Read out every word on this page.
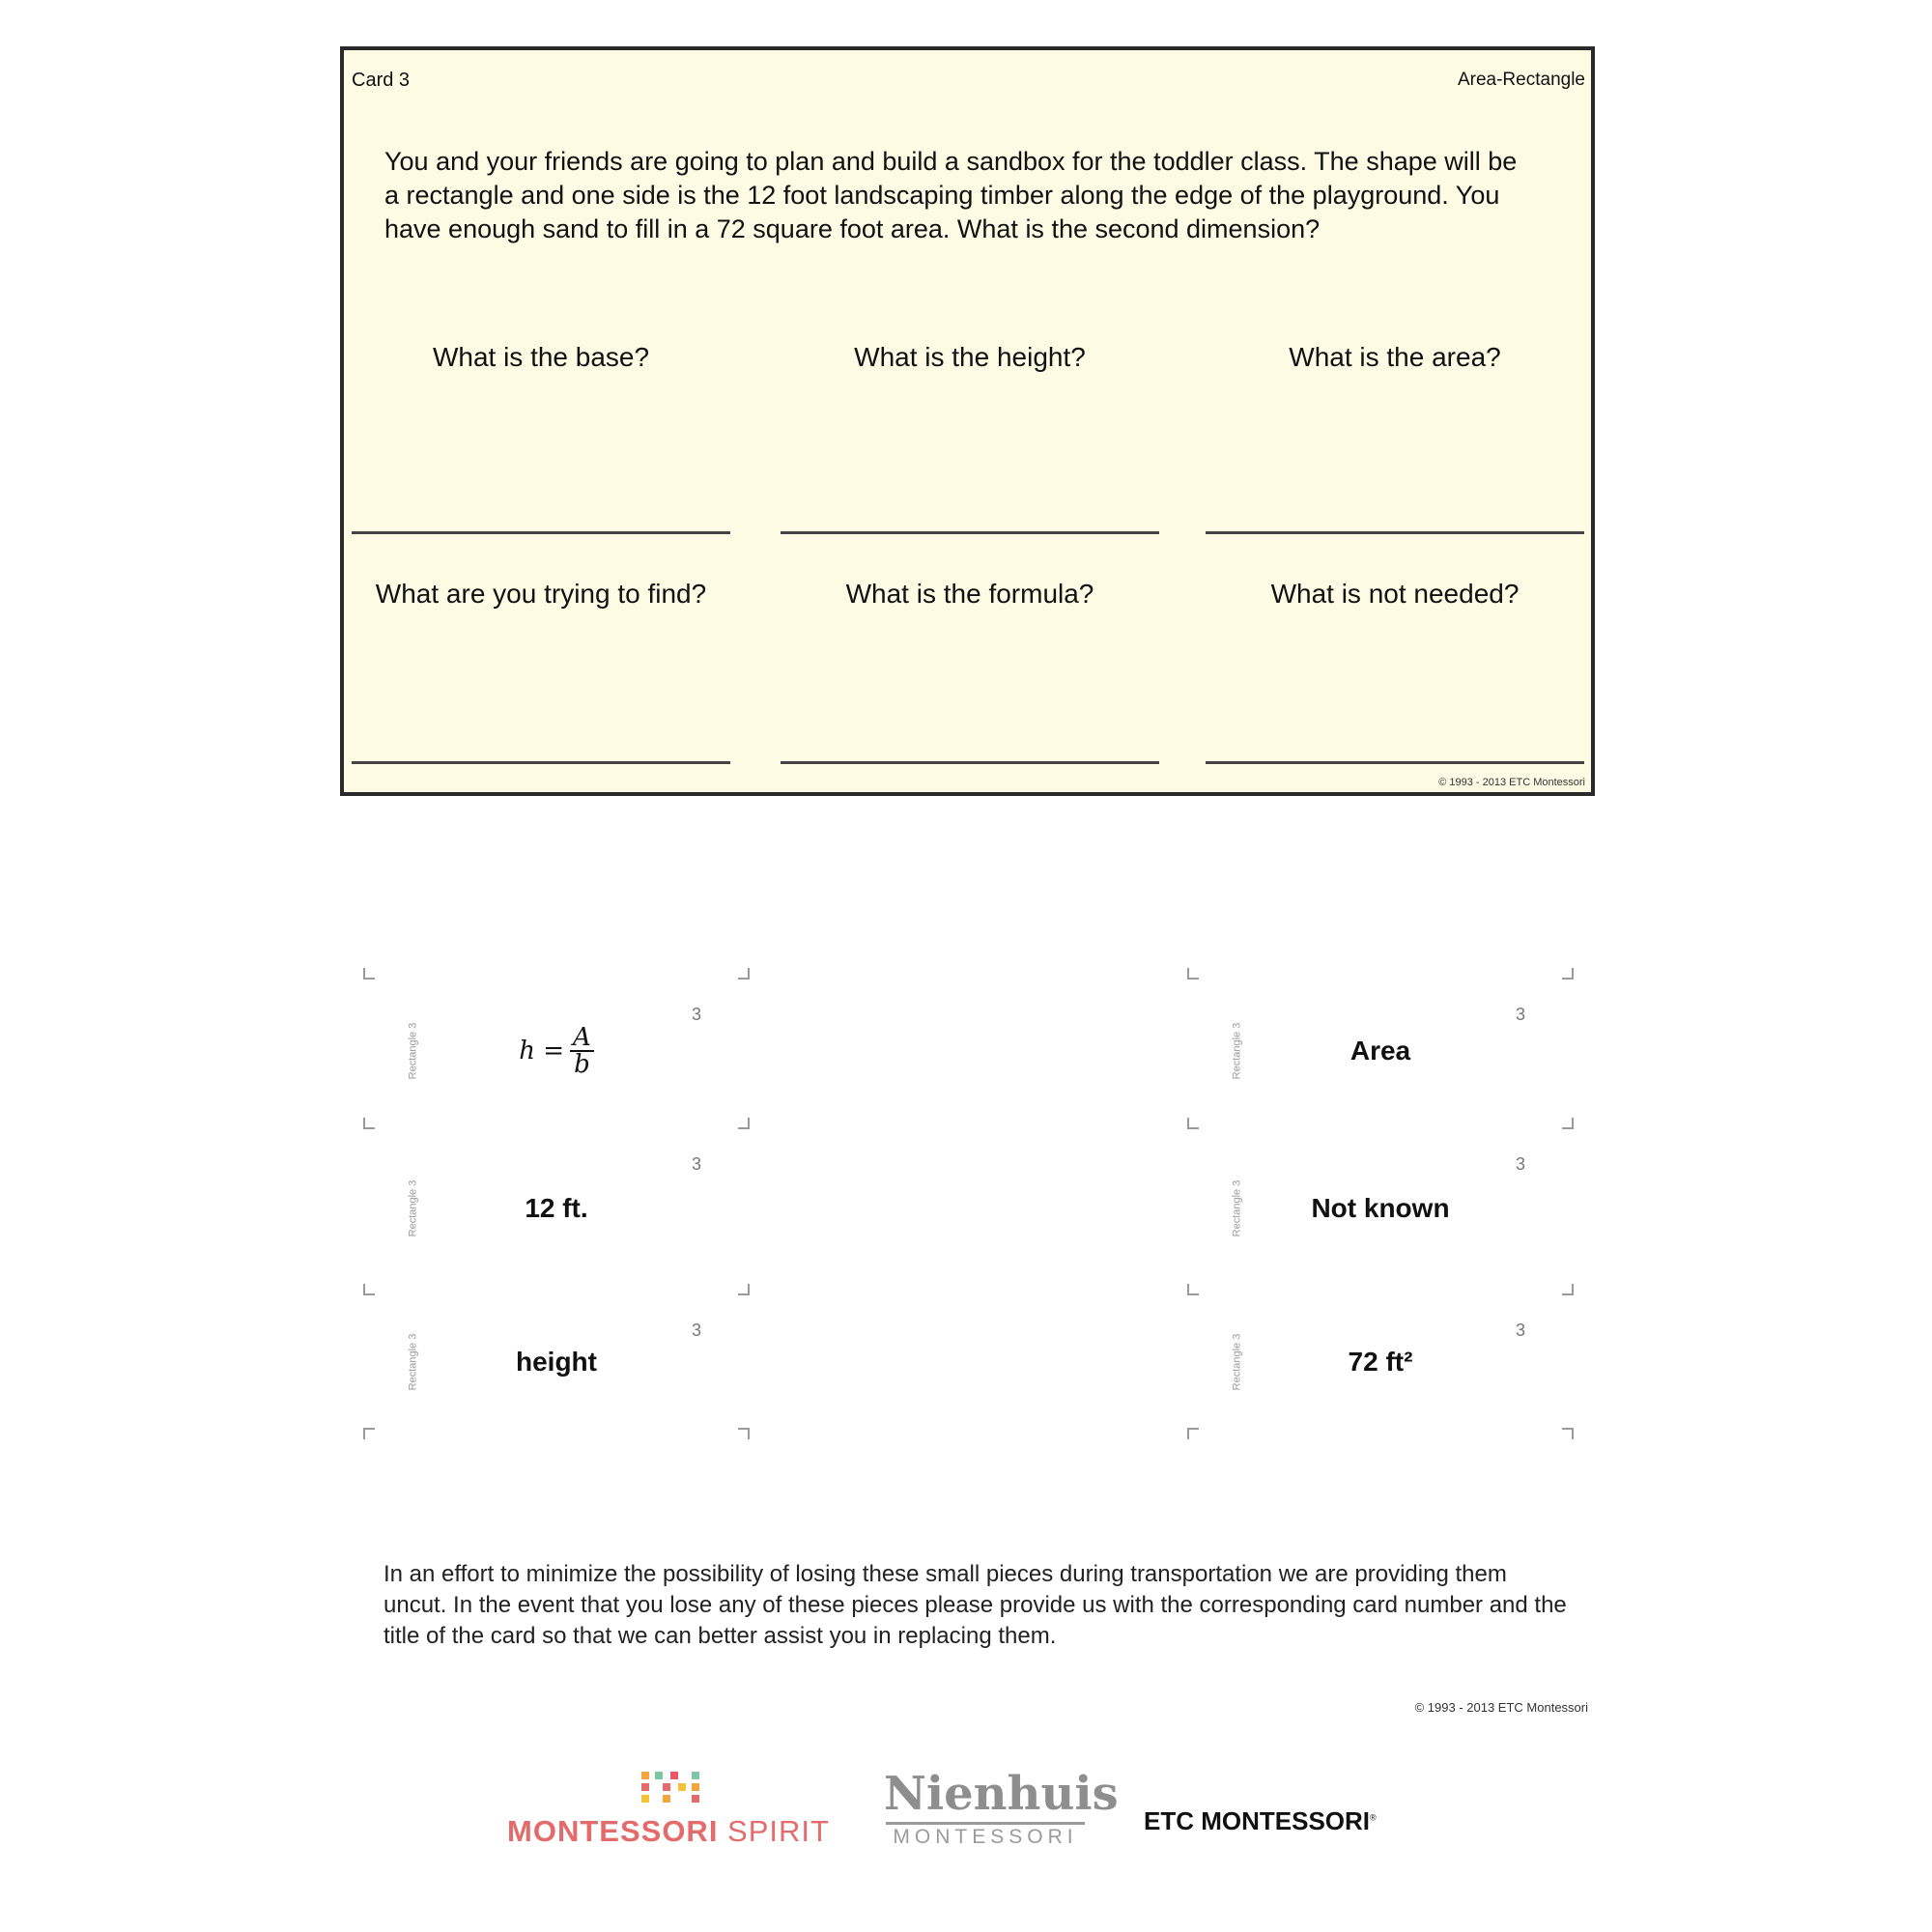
Card 3	Area-Rectangle

You and your friends are going to plan and build a sandbox for the toddler class. The shape will be a rectangle and one side is the 12 foot landscaping timber along the edge of the playground. You have enough sand to fill in a 72 square foot area. What is the second dimension?

What is the base?	What is the height?	What is the area?
What are you trying to find?	What is the formula?	What is not needed?
© 1993 - 2013 ETC Montessori
Rectangle 3
3
$h = \frac{A}{b}$
Rectangle 3
3
12 ft.
Rectangle 3
3
height
Rectangle 3
3
Area
Rectangle 3
3
Not known
Rectangle 3
3
72 ft²

In an effort to minimize the possibility of losing these small pieces during transportation we are providing them uncut. In the event that you lose any of these pieces please provide us with the corresponding card number and the title of the card so that we can better assist you in replacing them.

© 1993 - 2013 ETC Montessori
MONTESSORI SPIRIT
Nienhuis
MONTESSORI
ETC MONTESSORI®
